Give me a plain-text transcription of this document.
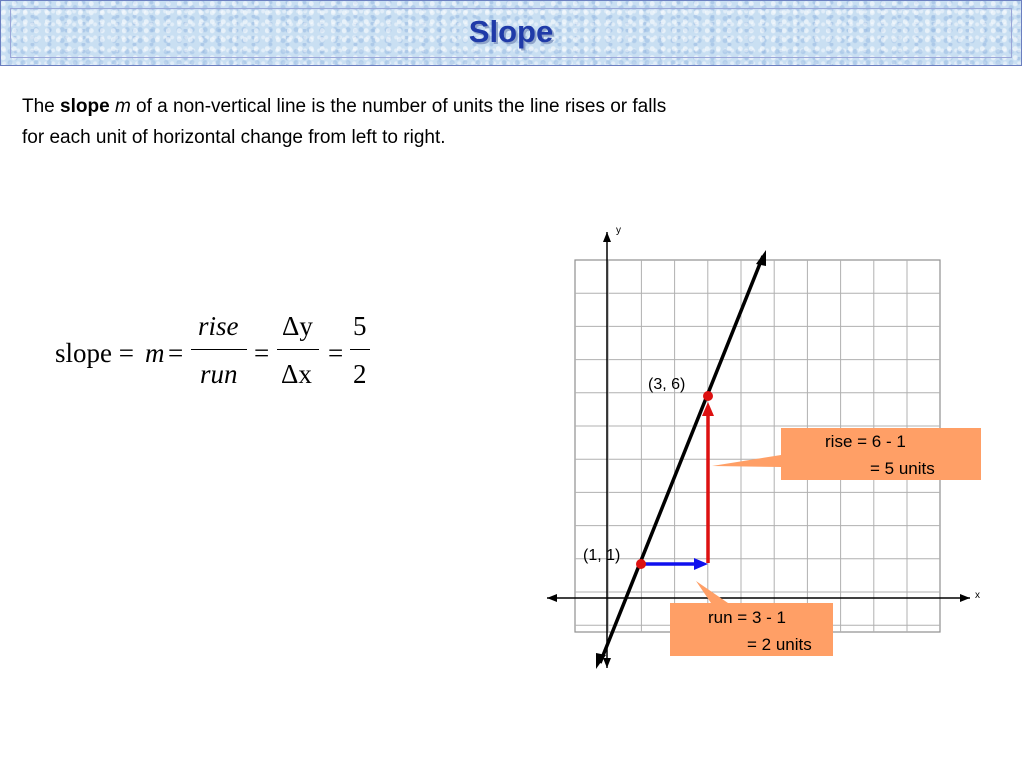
Slope
The slope m of a non-vertical line is the number of units the line rises or falls
for each unit of horizontal change from left to right.
slope = m =
rise
run
=
Δy
Δx
=
5
2
y
x
(3, 6)
(1, 1)
rise = 6 - 1
= 5 units
run = 3 - 1
= 2 units
